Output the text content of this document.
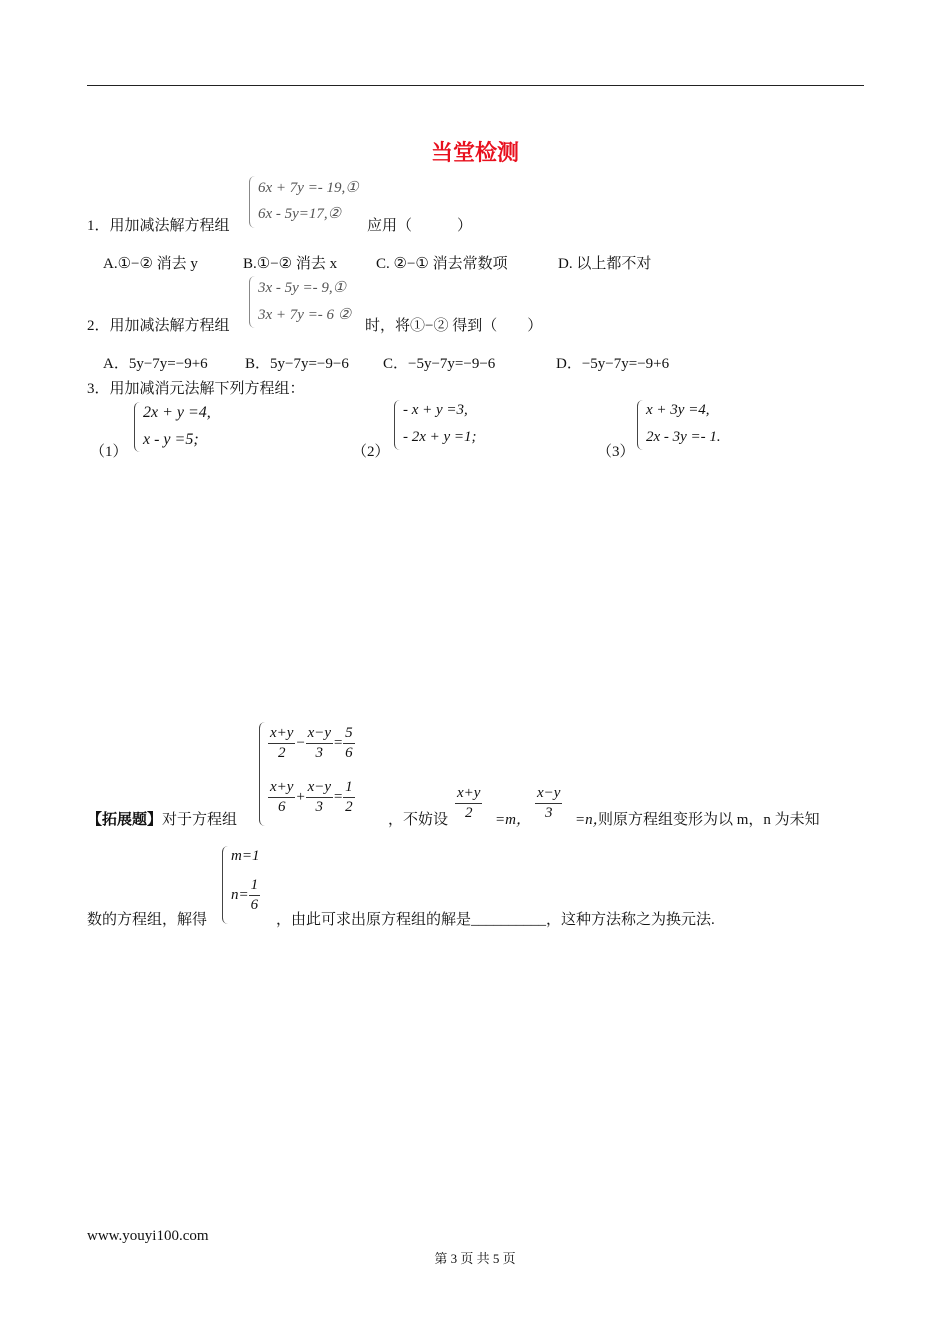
当堂检测
1．用加减法解方程组
6x + 7y =- 19,①
6x - 5y=17,②
应用（　　　）
A.①−② 消去 y	B.①−② 消去 x	C. ②−① 消去常数项	D. 以上都不对
2．用加减法解方程组
3x - 5y =- 9,①
3x + 7y =- 6 ②
时，将①−② 得到（　　）
A．5y−7y=−9+6 B．5y−7y=−9−6 C．−5y−7y=−9−6	D．−5y−7y=−9+6
3．用加减消元法解下列方程组：
（1）
2x + y =4,
x - y =5;
（2）
- x + y =3,
- 2x + y =1;
（3）
x + 3y =4,
2x - 3y =- 1.
【拓展题】对于方程组
$\frac{x+y}{2} - \frac{x-y}{3} = \frac{5}{6}$
$\frac{x+y}{6} + \frac{x-y}{3} = \frac{1}{2}$
，不妨设 $\frac{x+y}{2} =m$， $\frac{x-y}{3} =n$，
则原方程组变形为以 m，n 为未知
数的方程组，解得
m=1
$n= \frac{1}{6}$
，由此可求出原方程组的解是__________，这种方法称之为换元法.
www.youyi100.com
第 3 页 共 5 页
